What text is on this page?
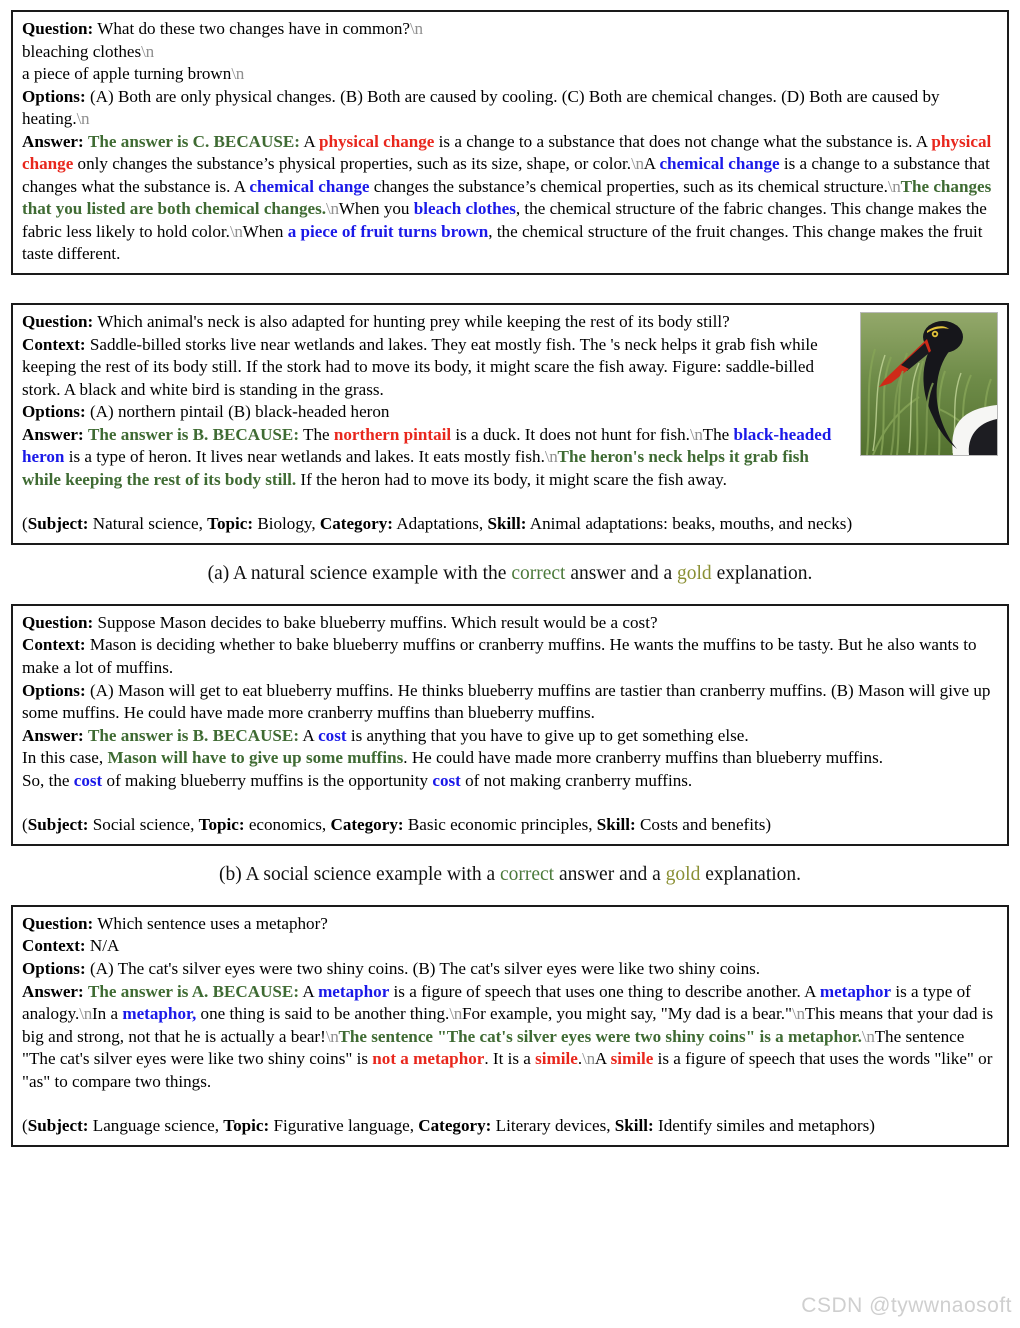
Question: What do these two changes have in common?\n
bleaching clothes\n
a piece of apple turning brown\n
Options: (A) Both are only physical changes. (B) Both are caused by cooling. (C) Both are chemical changes. (D) Both are caused by heating.\n
Answer: The answer is C. BECAUSE: A physical change is a change to a substance that does not change what the substance is. A physical change only changes the substance’s physical properties, such as its size, shape, or color.\nA chemical change is a change to a substance that changes what the substance is. A chemical change changes the substance’s chemical properties, such as its chemical structure.\nThe changes that you listed are both chemical changes.\nWhen you bleach clothes, the chemical structure of the fabric changes. This change makes the fabric less likely to hold color.\nWhen a piece of fruit turns brown, the chemical structure of the fruit changes. This change makes the fruit taste different.
Question: Which animal's neck is also adapted for hunting prey while keeping the rest of its body still?
Context: Saddle-billed storks live near wetlands and lakes. They eat mostly fish. The 's neck helps it grab fish while keeping the rest of its body still. If the stork had to move its body, it might scare the fish away. Figure: saddle-billed stork. A black and white bird is standing in the grass.
Options: (A) northern pintail (B) black-headed heron
Answer: The answer is B. BECAUSE: The northern pintail is a duck. It does not hunt for fish.\nThe black-headed heron is a type of heron. It lives near wetlands and lakes. It eats mostly fish.\nThe heron's neck helps it grab fish while keeping the rest of its body still. If the heron had to move its body, it might scare the fish away.
(Subject: Natural science, Topic: Biology, Category: Adaptations, Skill: Animal adaptations: beaks, mouths, and necks)
(a) A natural science example with the correct answer and a gold explanation.
Question: Suppose Mason decides to bake blueberry muffins. Which result would be a cost?
Context: Mason is deciding whether to bake blueberry muffins or cranberry muffins. He wants the muffins to be tasty. But he also wants to make a lot of muffins.
Options: (A) Mason will get to eat blueberry muffins. He thinks blueberry muffins are tastier than cranberry muffins. (B) Mason will give up some muffins. He could have made more cranberry muffins than blueberry muffins.
Answer: The answer is B. BECAUSE: A cost is anything that you have to give up to get something else.
In this case, Mason will have to give up some muffins. He could have made more cranberry muffins than blueberry muffins.
So, the cost of making blueberry muffins is the opportunity cost of not making cranberry muffins.
(Subject: Social science, Topic: economics, Category: Basic economic principles, Skill: Costs and benefits)
(b) A social science example with a correct answer and a gold explanation.
Question: Which sentence uses a metaphor?
Context: N/A
Options: (A) The cat's silver eyes were two shiny coins. (B) The cat's silver eyes were like two shiny coins.
Answer: The answer is A. BECAUSE: A metaphor is a figure of speech that uses one thing to describe another. A metaphor is a type of analogy.\nIn a metaphor, one thing is said to be another thing.\nFor example, you might say, "My dad is a bear."\nThis means that your dad is big and strong, not that he is actually a bear!\nThe sentence "The cat's silver eyes were two shiny coins" is a metaphor.\nThe sentence "The cat's silver eyes were like two shiny coins" is not a metaphor. It is a simile.\nA simile is a figure of speech that uses the words "like" or "as" to compare two things.
(Subject: Language science, Topic: Figurative language, Category: Literary devices, Skill: Identify similes and metaphors)
CSDN @tywwnaosoft
